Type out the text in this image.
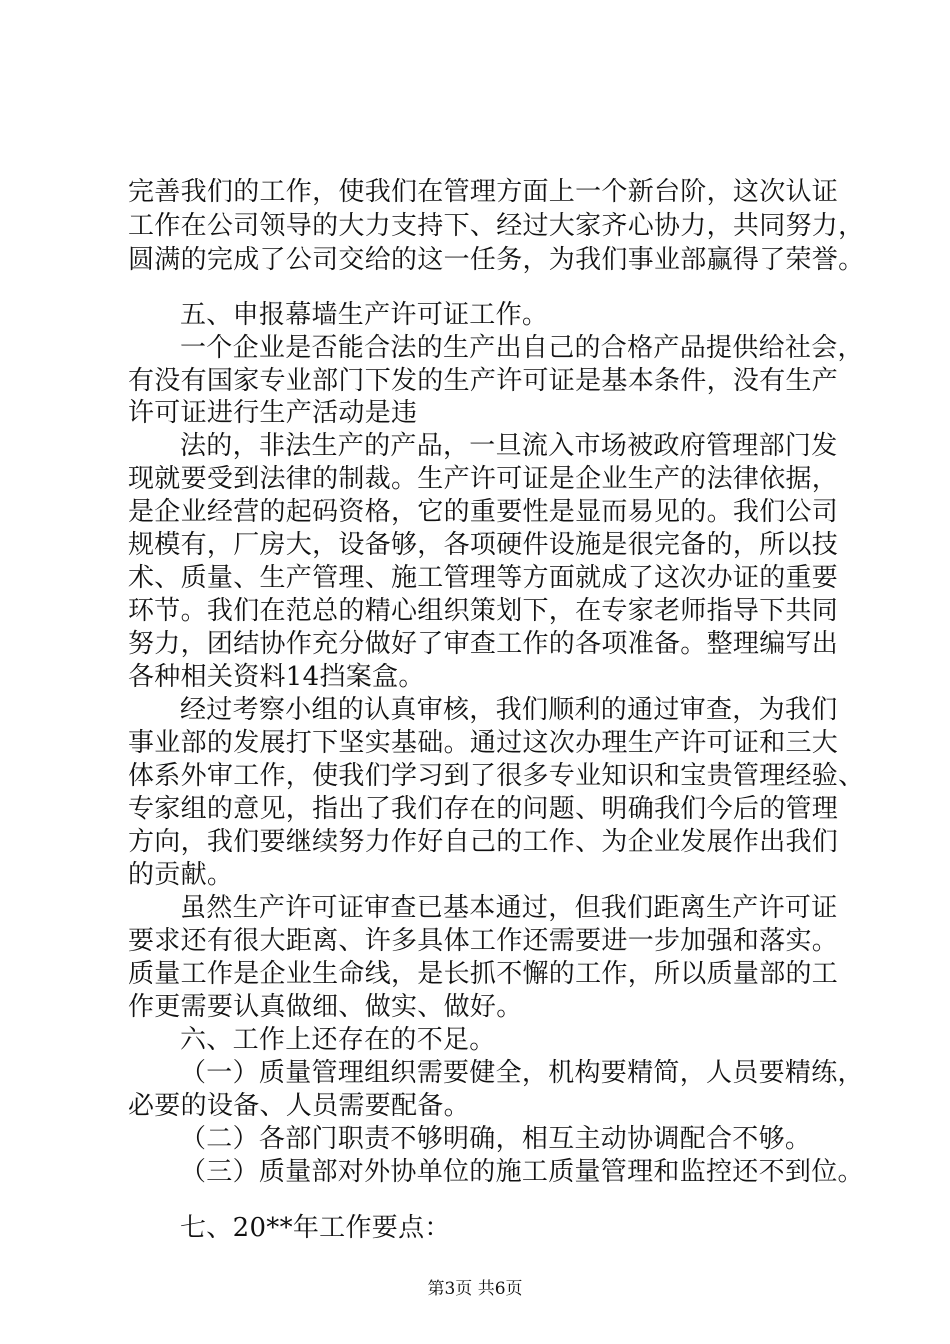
完善我们的工作，使我们在管理方面上一个新台阶，这次认证
工作在公司领导的大力支持下、经过大家齐心协力，共同努力，
圆满的完成了公司交给的这一任务，为我们事业部赢得了荣誉。
五、申报幕墙生产许可证工作。
一个企业是否能合法的生产出自己的合格产品提供给社会，
有没有国家专业部门下发的生产许可证是基本条件，没有生产
许可证进行生产活动是违
法的，非法生产的产品，一旦流入市场被政府管理部门发
现就要受到法律的制裁。生产许可证是企业生产的法律依据，
是企业经营的起码资格，它的重要性是显而易见的。我们公司
规模有，厂房大，设备够，各项硬件设施是很完备的，所以技
术、质量、生产管理、施工管理等方面就成了这次办证的重要
环节。我们在范总的精心组织策划下，在专家老师指导下共同
努力，团结协作充分做好了审查工作的各项准备。整理编写出
各种相关资料14挡案盒。
经过考察小组的认真审核，我们顺利的通过审查，为我们
事业部的发展打下坚实基础。通过这次办理生产许可证和三大
体系外审工作，使我们学习到了很多专业知识和宝贵管理经验、
专家组的意见，指出了我们存在的问题、明确我们今后的管理
方向，我们要继续努力作好自己的工作、为企业发展作出我们
的贡献。
虽然生产许可证审查已基本通过，但我们距离生产许可证
要求还有很大距离、许多具体工作还需要进一步加强和落实。
质量工作是企业生命线，是长抓不懈的工作，所以质量部的工
作更需要认真做细、做实、做好。
六、工作上还存在的不足。
（一）质量管理组织需要健全，机构要精简，人员要精练，
必要的设备、人员需要配备。
（二）各部门职责不够明确，相互主动协调配合不够。
（三）质量部对外协单位的施工质量管理和监控还不到位。
七、20**年工作要点：
第3页 共6页
